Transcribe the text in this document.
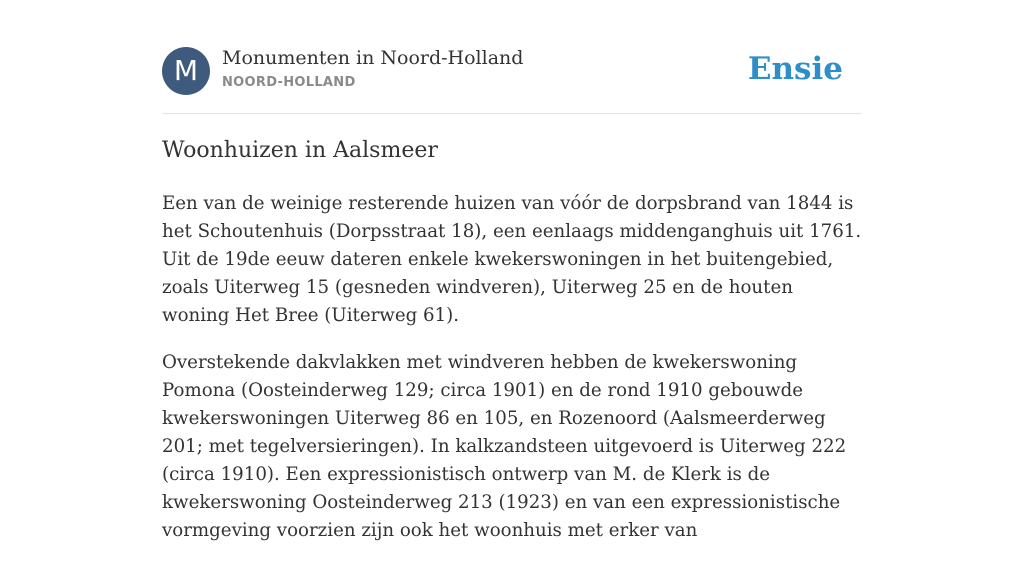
M	Monumenten in Noord-Holland
NOORD-HOLLAND	Ensie
Woonhuizen in Aalsmeer

Een van de weinige resterende huizen van vóór de dorpsbrand van 1844 is het Schoutenhuis (Dorpsstraat 18), een eenlaags middenganghuis uit 1761. Uit de 19de eeuw dateren enkele kwekerswoningen in het buitengebied, zoals Uiterweg 15 (gesneden windveren), Uiterweg 25 en de houten woning Het Bree (Uiterweg 61).

Overstekende dakvlakken met windveren hebben de kwekerswoning Pomona (Oosteinderweg 129; circa 1901) en de rond 1910 gebouwde kwekerswoningen Uiterweg 86 en 105, en Rozenoord (Aalsmeerderweg 201; met tegelversieringen). In kalkzandsteen uitgevoerd is Uiterweg 222 (circa 1910). Een expressionistisch ontwerp van M. de Klerk is de kwekerswoning Oosteinderweg 213 (1923) en van een expressionistische vormgeving voorzien zijn ook het woonhuis met erker van
